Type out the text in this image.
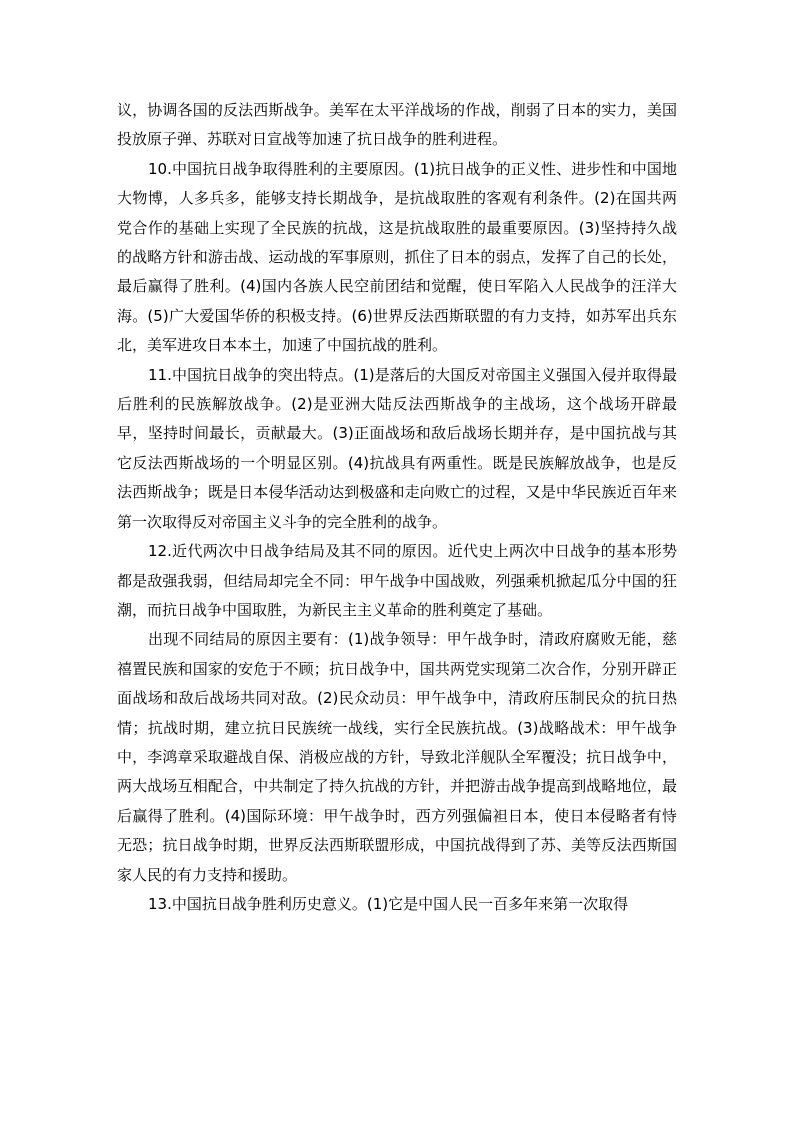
议，协调各国的反法西斯战争。美军在太平洋战场的作战，削弱了日本的实力，美国投放原子弹、苏联对日宣战等加速了抗日战争的胜利进程。

10.中国抗日战争取得胜利的主要原因。(1)抗日战争的正义性、进步性和中国地大物博，人多兵多，能够支持长期战争，是抗战取胜的客观有利条件。(2)在国共两党合作的基础上实现了全民族的抗战，这是抗战取胜的最重要原因。(3)坚持持久战的战略方针和游击战、运动战的军事原则，抓住了日本的弱点，发挥了自己的长处，最后赢得了胜利。(4)国内各族人民空前团结和觉醒，使日军陷入人民战争的汪洋大海。(5)广大爱国华侨的积极支持。(6)世界反法西斯联盟的有力支持，如苏军出兵东北，美军进攻日本本土，加速了中国抗战的胜利。

11.中国抗日战争的突出特点。(1)是落后的大国反对帝国主义强国入侵并取得最后胜利的民族解放战争。(2)是亚洲大陆反法西斯战争的主战场，这个战场开辟最早，坚持时间最长，贡献最大。(3)正面战场和敌后战场长期并存，是中国抗战与其它反法西斯战场的一个明显区别。(4)抗战具有两重性。既是民族解放战争，也是反法西斯战争；既是日本侵华活动达到极盛和走向败亡的过程，又是中华民族近百年来第一次取得反对帝国主义斗争的完全胜利的战争。

12.近代两次中日战争结局及其不同的原因。近代史上两次中日战争的基本形势都是敌强我弱，但结局却完全不同：甲午战争中国战败，列强乘机掀起瓜分中国的狂潮，而抗日战争中国取胜，为新民主主义革命的胜利奠定了基础。

出现不同结局的原因主要有：(1)战争领导：甲午战争时，清政府腐败无能，慈禧置民族和国家的安危于不顾；抗日战争中，国共两党实现第二次合作，分别开辟正面战场和敌后战场共同对敌。(2)民众动员：甲午战争中，清政府压制民众的抗日热情；抗战时期，建立抗日民族统一战线，实行全民族抗战。(3)战略战术：甲午战争中，李鸿章采取避战自保、消极应战的方针，导致北洋舰队全军覆没；抗日战争中，两大战场互相配合，中共制定了持久抗战的方针，并把游击战争提高到战略地位，最后赢得了胜利。(4)国际环境：甲午战争时，西方列强偏袒日本，使日本侵略者有恃无恐；抗日战争时期，世界反法西斯联盟形成，中国抗战得到了苏、美等反法西斯国家人民的有力支持和援助。

13.中国抗日战争胜利历史意义。(1)它是中国人民一百多年来第一次取得
